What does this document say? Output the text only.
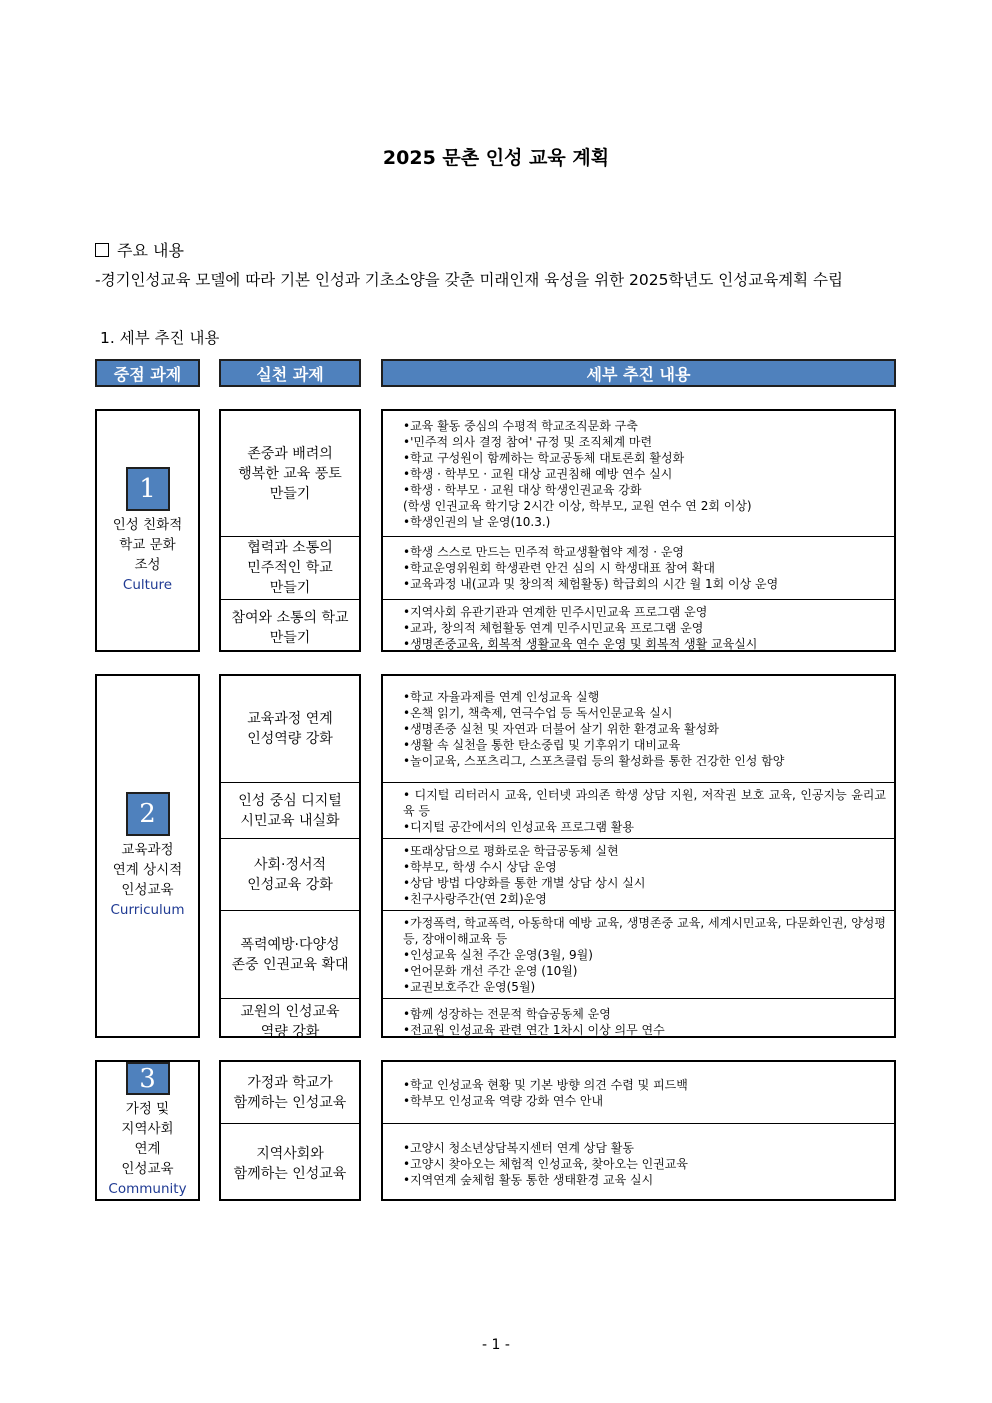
2025 문촌 인성 교육 계획
주요 내용
-경기인성교육 모델에 따라 기본 인성과 기초소양을 갖춘 미래인재 육성을 위한 2025학년도 인성교육계획 수립
1. 세부 추진 내용
중점 과제	실천 과제	세부 추진 내용
1
인성 친화적
학교 문화
조성
Culture
존중과 배려의
행복한 교육 풍토
만들기
협력과 소통의
민주적인 학교
만들기
참여와 소통의 학교
만들기
•교육 활동 중심의 수평적 학교조직문화 구축
•'민주적 의사 결정 참여' 규정 및 조직체계 마련
•학교 구성원이 함께하는 학교공동체 대토론회 활성화
•학생 · 학부모 · 교원 대상 교권침해 예방 연수 실시
•학생 · 학부모 · 교원 대상 학생인권교육 강화
(학생 인권교육 학기당 2시간 이상, 학부모, 교원 연수 연 2회 이상)
•학생인권의 날 운영(10.3.)
•학생 스스로 만드는 민주적 학교생활협약 제정 · 운영
•학교운영위원회 학생관련 안건 심의 시 학생대표 참여 확대
•교육과정 내(교과 및 창의적 체험활동) 학급회의 시간 월 1회 이상 운영
•지역사회 유관기관과 연계한 민주시민교육 프로그램 운영
•교과, 창의적 체험활동 연계 민주시민교육 프로그램 운영
•생명존중교육, 회복적 생활교육 연수 운영 및 회복적 생활 교육실시
2
교육과정
연계 상시적
인성교육
Curriculum
교육과정 연계
인성역량 강화
인성 중심 디지털
시민교육 내실화
사회·정서적
인성교육 강화
폭력예방·다양성
존중 인권교육 확대
교원의 인성교육
역량 강화
•학교 자율과제를 연계 인성교육 실행
•온책 읽기, 책축제, 연극수업 등 독서인문교육 실시
•생명존중 실천 및 자연과 더불어 살기 위한 환경교육 활성화
•생활 속 실천을 통한 탄소중립 및 기후위기 대비교육
•놀이교육, 스포츠리그, 스포츠클럽 등의 활성화를 통한 건강한 인성 함양
• 디지털 리터러시 교육, 인터넷 과의존 학생 상담 지원, 저작권 보호 교육, 인공지능 윤리교육 등
•디지털 공간에서의 인성교육 프로그램 활용
•또래상담으로 평화로운 학급공동체 실현
•학부모, 학생 수시 상담 운영
•상담 방법 다양화를 통한 개별 상담 상시 실시
•친구사랑주간(연 2회)운영
•가정폭력, 학교폭력, 아동학대 예방 교육, 생명존중 교육, 세계시민교육, 다문화인권, 양성평등, 장애이해교육 등
•인성교육 실천 주간 운영(3월, 9월)
•언어문화 개선 주간 운영 (10월)
•교권보호주간 운영(5월)
•함께 성장하는 전문적 학습공동체 운영
•전교원 인성교육 관련 연간 1차시 이상 의무 연수
3
가정 및
지역사회
연계
인성교육
Community
가정과 학교가
함께하는 인성교육
지역사회와
함께하는 인성교육
•학교 인성교육 현황 및 기본 방향 의견 수렴 및 피드백
•학부모 인성교육 역량 강화 연수 안내
•고양시 청소년상담복지센터 연계 상담 활동
•고양시 찾아오는 체험적 인성교육, 찾아오는 인권교육
•지역연계 숲체험 활동 통한 생태환경 교육 실시
- 1 -
